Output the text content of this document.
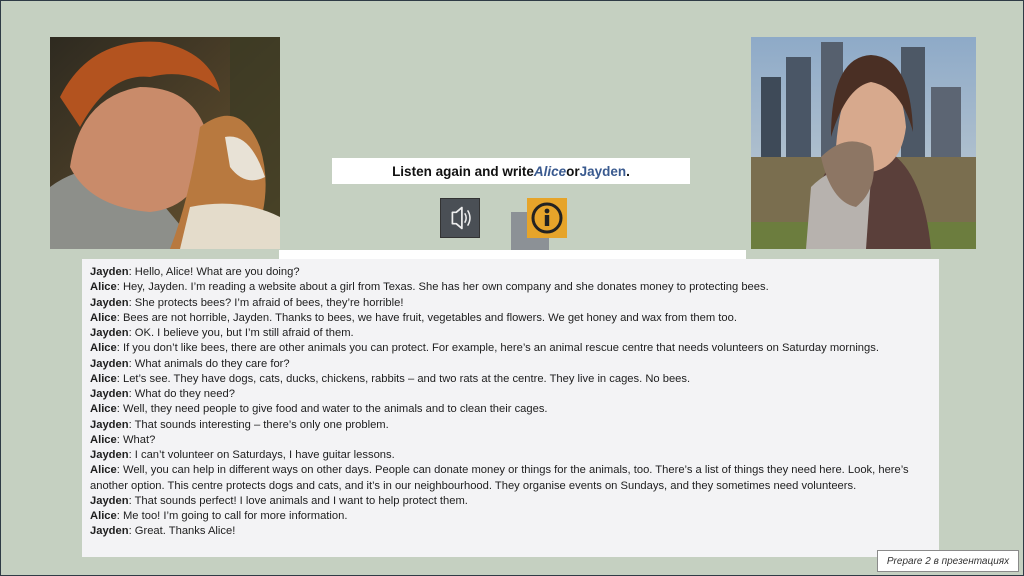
Listen again and write Alice or Jayden .
Jayden: Hello, Alice! What are you doing?
Alice: Hey, Jayden. I’m reading a website about a girl from Texas. She has her own company and she donates money to protecting bees.
Jayden: She protects bees? I’m afraid of bees, they’re horrible!
Alice: Bees are not horrible, Jayden. Thanks to bees, we have fruit, vegetables and flowers. We get honey and wax from them too.
Jayden: OK. I believe you, but I’m still afraid of them.
Alice: If you don’t like bees, there are other animals you can protect. For example, here’s an animal rescue centre that needs volunteers on Saturday mornings.
Jayden: What animals do they care for?
Alice: Let’s see. They have dogs, cats, ducks, chickens, rabbits – and two rats at the centre. They live in cages. No bees.
Jayden: What do they need?
Alice: Well, they need people to give food and water to the animals and to clean their cages.
Jayden: That sounds interesting – there’s only one problem.
Alice: What?
Jayden: I can’t volunteer on Saturdays, I have guitar lessons.
Alice: Well, you can help in different ways on other days. People can donate money or things for the animals, too. There’s a list of things they need here. Look, here’s another option. This centre protects dogs and cats, and it’s in our neighbourhood. They organise events on Sundays, and they sometimes need volunteers.
Jayden: That sounds perfect! I love animals and I want to help protect them.
Alice: Me too! I’m going to call for more information.
Jayden: Great. Thanks Alice!
Prepare 2 в презентациях
